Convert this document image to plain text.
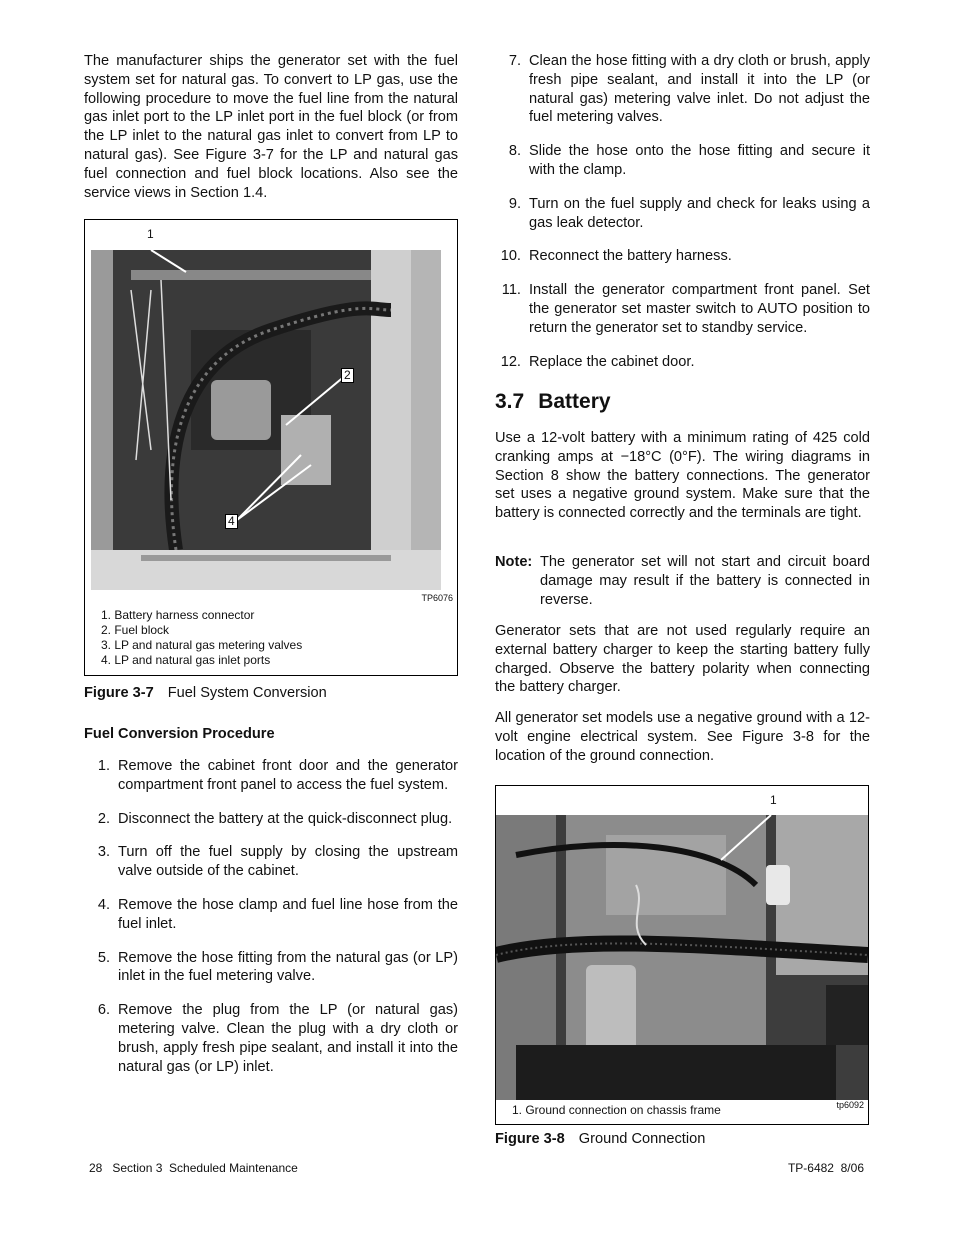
The manufacturer ships the generator set with the fuel system set for natural gas. To convert to LP gas, use the following procedure to move the fuel line from the natural gas inlet port to the LP inlet port in the fuel block (or from the LP inlet to the natural gas inlet to convert from LP to natural gas). See Figure 3-7 for the LP and natural gas fuel connection and fuel block locations. Also see the service views in Section 1.4.

1
2
4
TP6076
1. Battery harness connector
2. Fuel block
3. LP and natural gas metering valves
4. LP and natural gas inlet ports
Figure 3-7 Fuel System Conversion
Fuel Conversion Procedure
1. Remove the cabinet front door and the generator compartment front panel to access the fuel system.
2. Disconnect the battery at the quick-disconnect plug.
3. Turn off the fuel supply by closing the upstream valve outside of the cabinet.
4. Remove the hose clamp and fuel line hose from the fuel inlet.
5. Remove the hose fitting from the natural gas (or LP) inlet in the fuel metering valve.
6. Remove the plug from the LP (or natural gas) metering valve. Clean the plug with a dry cloth or brush, apply fresh pipe sealant, and install it into the natural gas (or LP) inlet.
7. Clean the hose fitting with a dry cloth or brush, apply fresh pipe sealant, and install it into the LP (or natural gas) metering valve inlet. Do not adjust the fuel metering valves.
8. Slide the hose onto the hose fitting and secure it with the clamp.
9. Turn on the fuel supply and check for leaks using a gas leak detector.
10. Reconnect the battery harness.
11. Install the generator compartment front panel. Set the generator set master switch to AUTO position to return the generator set to standby service.
12. Replace the cabinet door.
3.7 Battery

Use a 12-volt battery with a minimum rating of 425 cold cranking amps at −18°C (0°F). The wiring diagrams in Section 8 show the battery connections. The generator set uses a negative ground system. Make sure that the battery is connected correctly and the terminals are tight.

Note: The generator set will not start and circuit board damage may result if the battery is connected in reverse.

Generator sets that are not used regularly require an external battery charger to keep the starting battery fully charged. Observe the battery polarity when connecting the battery charger.

All generator set models use a negative ground with a 12-volt engine electrical system. See Figure 3-8 for the location of the ground connection.

1
tp6092
1. Ground connection on chassis frame
Figure 3-8 Ground Connection
28   Section 3  Scheduled Maintenance	TP-6482  8/06
